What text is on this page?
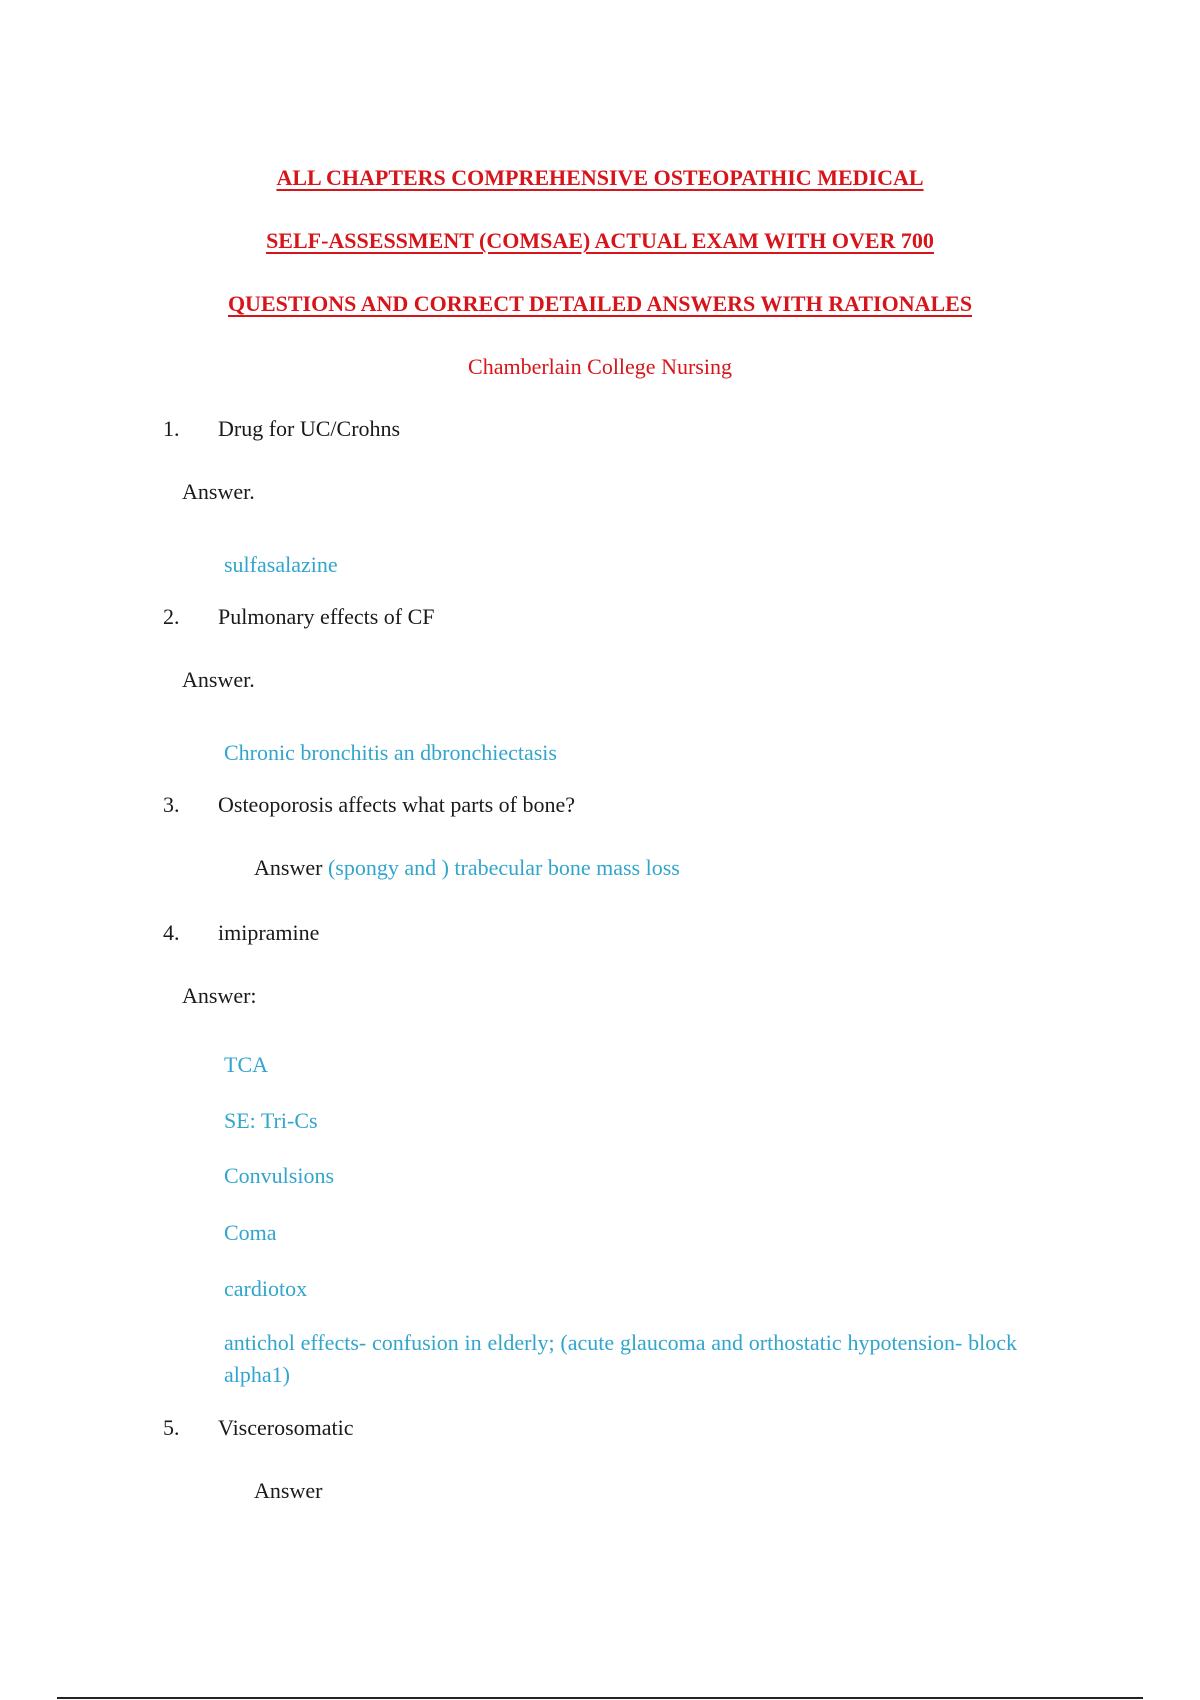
ALL CHAPTERS COMPREHENSIVE OSTEOPATHIC MEDICAL
SELF-ASSESSMENT (COMSAE) ACTUAL EXAM WITH OVER 700
QUESTIONS AND CORRECT DETAILED ANSWERS WITH RATIONALES
Chamberlain College Nursing
1. Drug for UC/Crohns
Answer.
sulfasalazine
2. Pulmonary effects of CF
Answer.
Chronic bronchitis an dbronchiectasis
3. Osteoporosis affects what parts of bone?
Answer (spongy and ) trabecular bone mass loss
4. imipramine
Answer:
TCA
SE: Tri-Cs
Convulsions
Coma
cardiotox
antichol effects- confusion in elderly; (acute glaucoma and orthostatic hypotension- block alpha1)
5. Viscerosomatic
Answer
